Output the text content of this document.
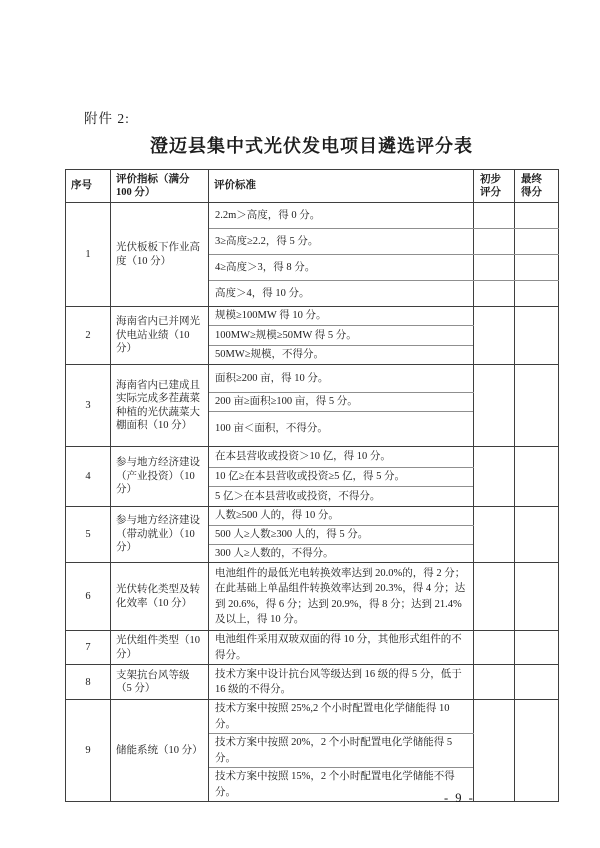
附件 2:
澄迈县集中式光伏发电项目遴选评分表
序号	评价指标（满分 100 分）	评价标准	初步评分	最终得分
1	光伏板板下作业高度（10 分）	2.2m＞高度，得 0 分。		
		3≥高度≥2.2，得 5 分。		
		4≥高度＞3，得 8 分。		
		高度＞4，得 10 分。		
2	海南省内已并网光伏电站业绩（10 分）	规模≥100MW 得 10 分。		
		100MW≥规模≥50MW 得 5 分。		
		50MW≥规模，不得分。		
3	海南省内已建成且实际完成多茬蔬菜种植的光伏蔬菜大棚面积（10 分）	面积≥200 亩，得 10 分。		
		200 亩≥面积≥100 亩，得 5 分。		
		100 亩＜面积，不得分。		
4	参与地方经济建设（产业投资）（10 分）	在本县营收或投资＞10 亿，得 10 分。		
		10 亿≥在本县营收或投资≥5 亿，得 5 分。		
		5 亿＞在本县营收或投资，不得分。		
5	参与地方经济建设（带动就业）（10 分）	人数≥500 人的，得 10 分。		
		500 人≥人数≥300 人的，得 5 分。		
		300 人≥人数的，不得分。		
6	光伏转化类型及转化效率（10 分）	电池组件的最低光电转换效率达到 20.0%的，得 2 分；在此基础上单晶组件转换效率达到 20.3%，得 4 分；达到 20.6%，得 6 分；达到 20.9%，得 8 分；达到 21.4%及以上，得 10 分。		
7	光伏组件类型（10 分）	电池组件采用双玻双面的得 10 分，其他形式组件的不得分。		
8	支架抗台风等级（5 分）	技术方案中设计抗台风等级达到 16 级的得 5 分，低于 16 级的不得分。		
9	储能系统（10 分）	技术方案中按照 25%,2 个小时配置电化学储能得 10 分。		
		技术方案中按照 20%，2 个小时配置电化学储能得 5 分。		
		技术方案中按照 15%，2 个小时配置电化学储能不得分。			- 9 -
